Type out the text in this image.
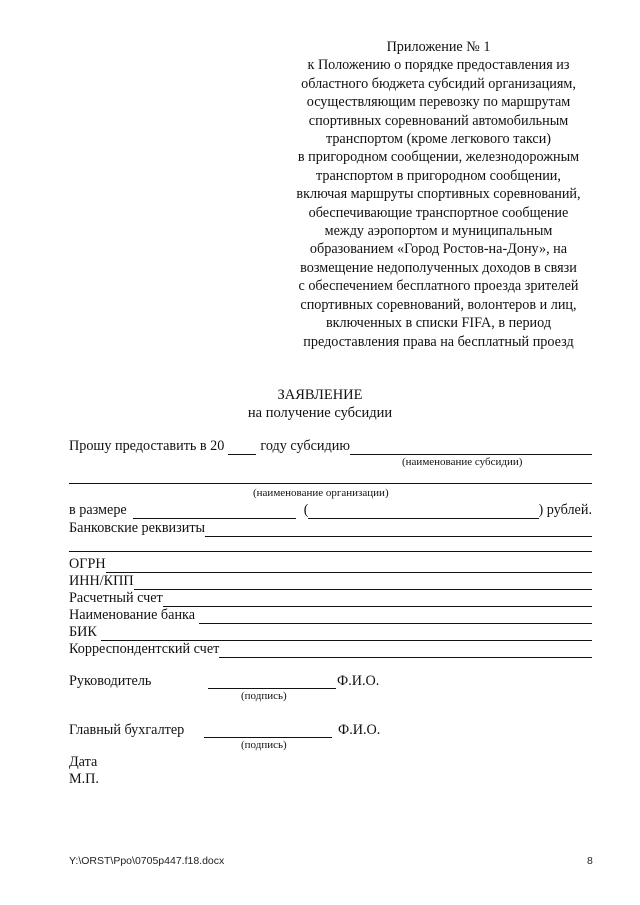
Приложение № 1
к Положению о порядке предоставления из
областного бюджета субсидий организациям,
осуществляющим перевозку по маршрутам
спортивных соревнований автомобильным
транспортом (кроме легкового такси)
в пригородном сообщении, железнодорожным
транспортом в пригородном сообщении,
включая маршруты спортивных соревнований,
обеспечивающие транспортное сообщение
между аэропортом и муниципальным
образованием «Город Ростов-на-Дону», на
возмещение недополученных доходов в связи
с обеспечением бесплатного проезда зрителей
спортивных соревнований, волонтеров и лиц,
включенных в списки FIFA, в период
предоставления права на бесплатный проезд
ЗАЯВЛЕНИЕ
на получение субсидии
Прошу предоставить в 20	году субсидию
(наименование субсидии)
(наименование организации)
в размере	(	) рублей.
Банковские реквизиты
ОГРН
ИНН/КПП
Расчетный счет
Наименование банка
БИК
Корреспондентский счет
Руководитель	Ф.И.О.
(подпись)
Главный бухгалтер	Ф.И.О.
(подпись)
Дата
М.П.
Y:\ORST\Ppo\0705p447.f18.docx	8
